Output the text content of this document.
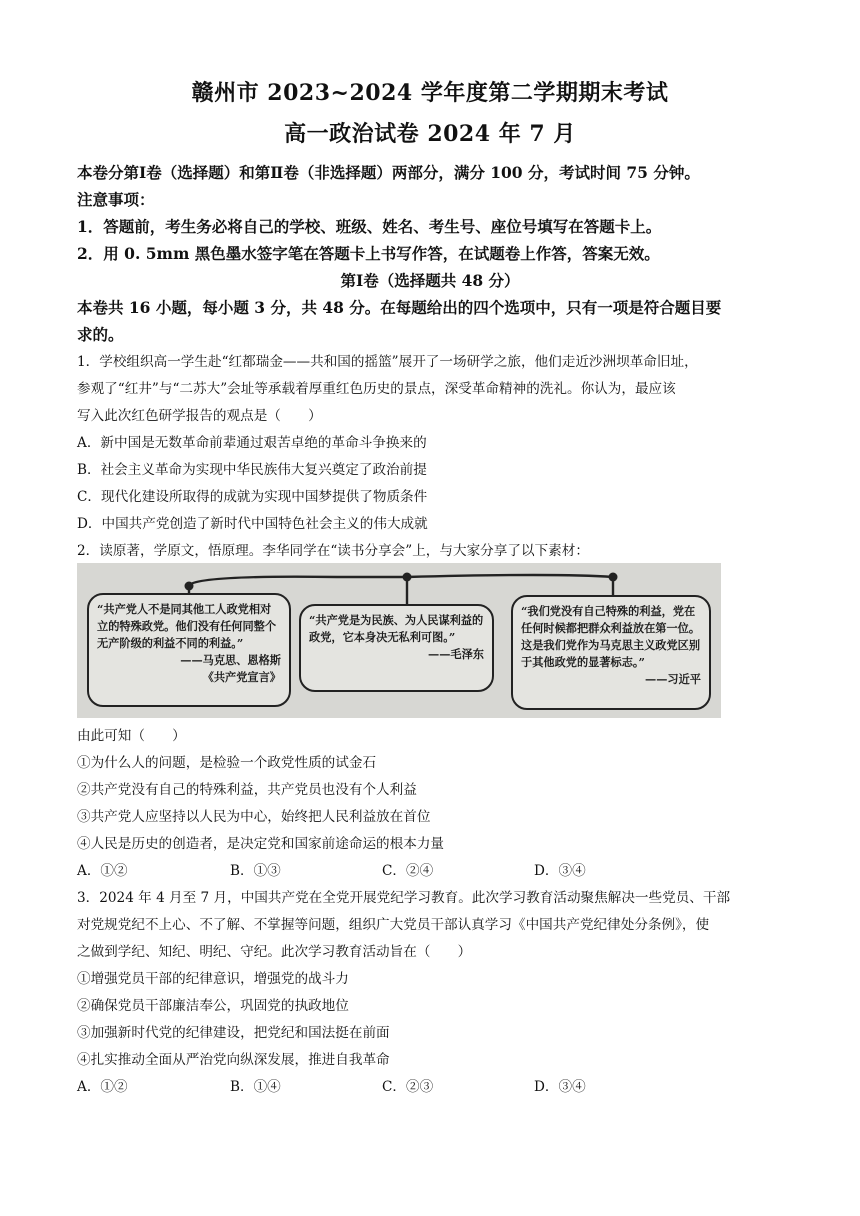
赣州市 2023~2024 学年度第二学期期末考试
高一政治试卷 2024 年 7 月
本卷分第Ⅰ卷（选择题）和第Ⅱ卷（非选择题）两部分，满分 100 分，考试时间 75 分钟。
注意事项：
1．答题前，考生务必将自己的学校、班级、姓名、考生号、座位号填写在答题卡上。
2．用 0. 5mm 黑色墨水签字笔在答题卡上书写作答，在试题卷上作答，答案无效。
第Ⅰ卷（选择题共 48 分）
本卷共 16 小题，每小题 3 分，共 48 分。在每题给出的四个选项中，只有一项是符合题目要
求的。
1．学校组织高一学生赴“红都瑞金——共和国的摇篮”展开了一场研学之旅，他们走近沙洲坝革命旧址，
参观了“红井”与“二苏大”会址等承载着厚重红色历史的景点，深受革命精神的洗礼。你认为，最应该
写入此次红色研学报告的观点是（　　）
A．新中国是无数革命前辈通过艰苦卓绝的革命斗争换来的
B．社会主义革命为实现中华民族伟大复兴奠定了政治前提
C．现代化建设所取得的成就为实现中国梦提供了物质条件
D．中国共产党创造了新时代中国特色社会主义的伟大成就
2．读原著，学原文，悟原理。李华同学在“读书分享会”上，与大家分享了以下素材：
“共产党人不是同其他工人政党相对立的特殊政党。他们没有任何同整个无产阶级的利益不同的利益。”
——马克思、恩格斯
《共产党宣言》
“共产党是为民族、为人民谋利益的政党，它本身决无私利可图。”
——毛泽东
“我们党没有自己特殊的利益，党在任何时候都把群众利益放在第一位。这是我们党作为马克思主义政党区别于其他政党的显著标志。”
——习近平
由此可知（　　）
①为什么人的问题，是检验一个政党性质的试金石
②共产党没有自己的特殊利益，共产党员也没有个人利益
③共产党人应坚持以人民为中心，始终把人民利益放在首位
④人民是历史的创造者，是决定党和国家前途命运的根本力量
A．①②	B．①③	C．②④	D．③④
3．2024 年 4 月至 7 月，中国共产党在全党开展党纪学习教育。此次学习教育活动聚焦解决一些党员、干部
对党规党纪不上心、不了解、不掌握等问题，组织广大党员干部认真学习《中国共产党纪律处分条例》，使
之做到学纪、知纪、明纪、守纪。此次学习教育活动旨在（　　）
①增强党员干部的纪律意识，增强党的战斗力
②确保党员干部廉洁奉公，巩固党的执政地位
③加强新时代党的纪律建设，把党纪和国法挺在前面
④扎实推动全面从严治党向纵深发展，推进自我革命
A．①②	B．①④	C．②③	D．③④
